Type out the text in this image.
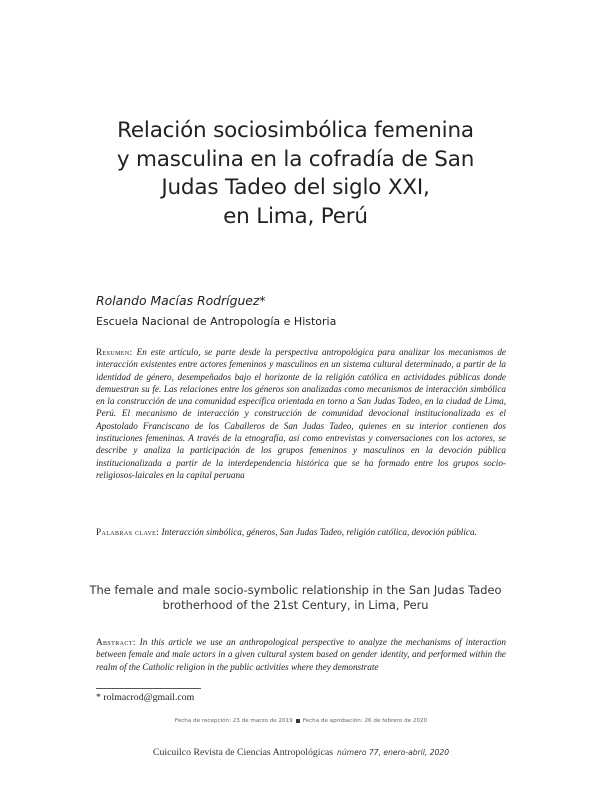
Relación sociosimbólica femenina
y masculina en la cofradía de San
Judas Tadeo del siglo XXI,
en Lima, Perú
Rolando Macías Rodríguez*
Escuela Nacional de Antropología e Historia
Resumen: En este artículo, se parte desde la perspectiva antropológica para analizar los mecanismos de interacción existentes entre actores femeninos y masculinos en un sistema cultural determinado, a partir de la identidad de género, desempeñados bajo el horizonte de la religión católica en actividades públicas donde demuestran su fe. Las relaciones entre los géneros son analizadas como mecanismos de interacción simbólica en la construcción de una comunidad específica orientada en torno a San Judas Tadeo, en la ciudad de Lima, Perú. El mecanismo de interacción y construcción de comunidad devocional institucionalizada es el Apostolado Franciscano de los Caballeros de San Judas Tadeo, quienes en su interior contienen dos instituciones femeninas. A través de la etnografía, así como entrevistas y conversaciones con los actores, se describe y analiza la participación de los grupos femeninos y masculinos en la devoción pública institucionalizada a partir de la interdependencia histórica que se ha formado entre los grupos socio-religiosos-laicales en la capital peruana
Palabras clave: Interacción simbólica, géneros, San Judas Tadeo, religión católica, devoción pública.
The female and male socio-symbolic relationship in the San Judas Tadeo
brotherhood of the 21st Century, in Lima, Peru
Abstract: In this article we use an anthropological perspective to analyze the mechanisms of interaction between female and male actors in a given cultural system based on gender identity, and performed within the realm of the Catholic religion in the public activities where they demonstrate
* rolmacrod@gmail.com
Fecha de recepción: 23 de marzo de 2019 Fecha de aprobación: 26 de febrero de 2020
Cuicuilco Revista de Ciencias Antropológicas número 77, enero-abril, 2020
